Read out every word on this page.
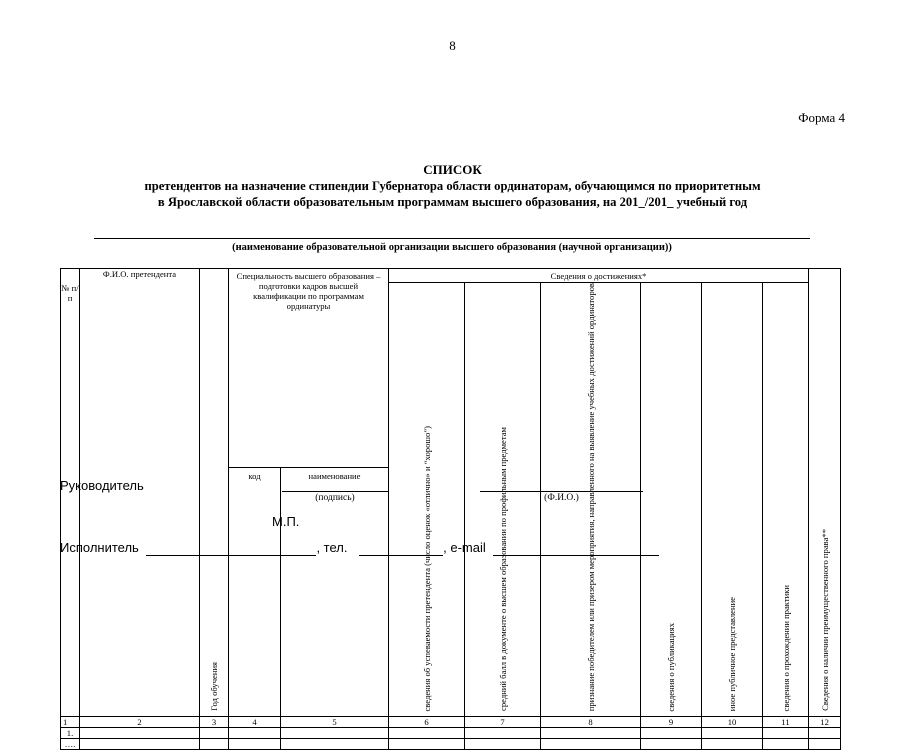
8
Форма 4
СПИСОК
претендентов на назначение стипендии Губернатора области ординаторам, обучающимся по приоритетным
в Ярославской области образовательным программам высшего образования, на 201_/201_ учебный год
(наименование образовательной организации высшего образования (научной организации))
№ п/п	Ф.И.О. претендента	Год обучения	Специальность высшего образования – подготовки кадров высшей квалификации по программам ординатуры		Сведения о достижениях*						Сведения о наличии преимущественного права**
					сведения об успеваемости претендента (число оценок «отлично» и “хорошо”)	средний балл в документе о высшем образовании по профильным предметам	признание победителем или призером мероприятия, направленного на выявление учебных достижений ординаторов	сведения о публикациях	иное публичное представление	сведения о прохождении практики	
			код	наименование							
1	2	3	4	5	6	7	8	9	10	11	12
1.											
….											
Руководитель
(подпись)	(Ф.И.О.)
М.П.
Исполнитель	, тел.	, e-mail
